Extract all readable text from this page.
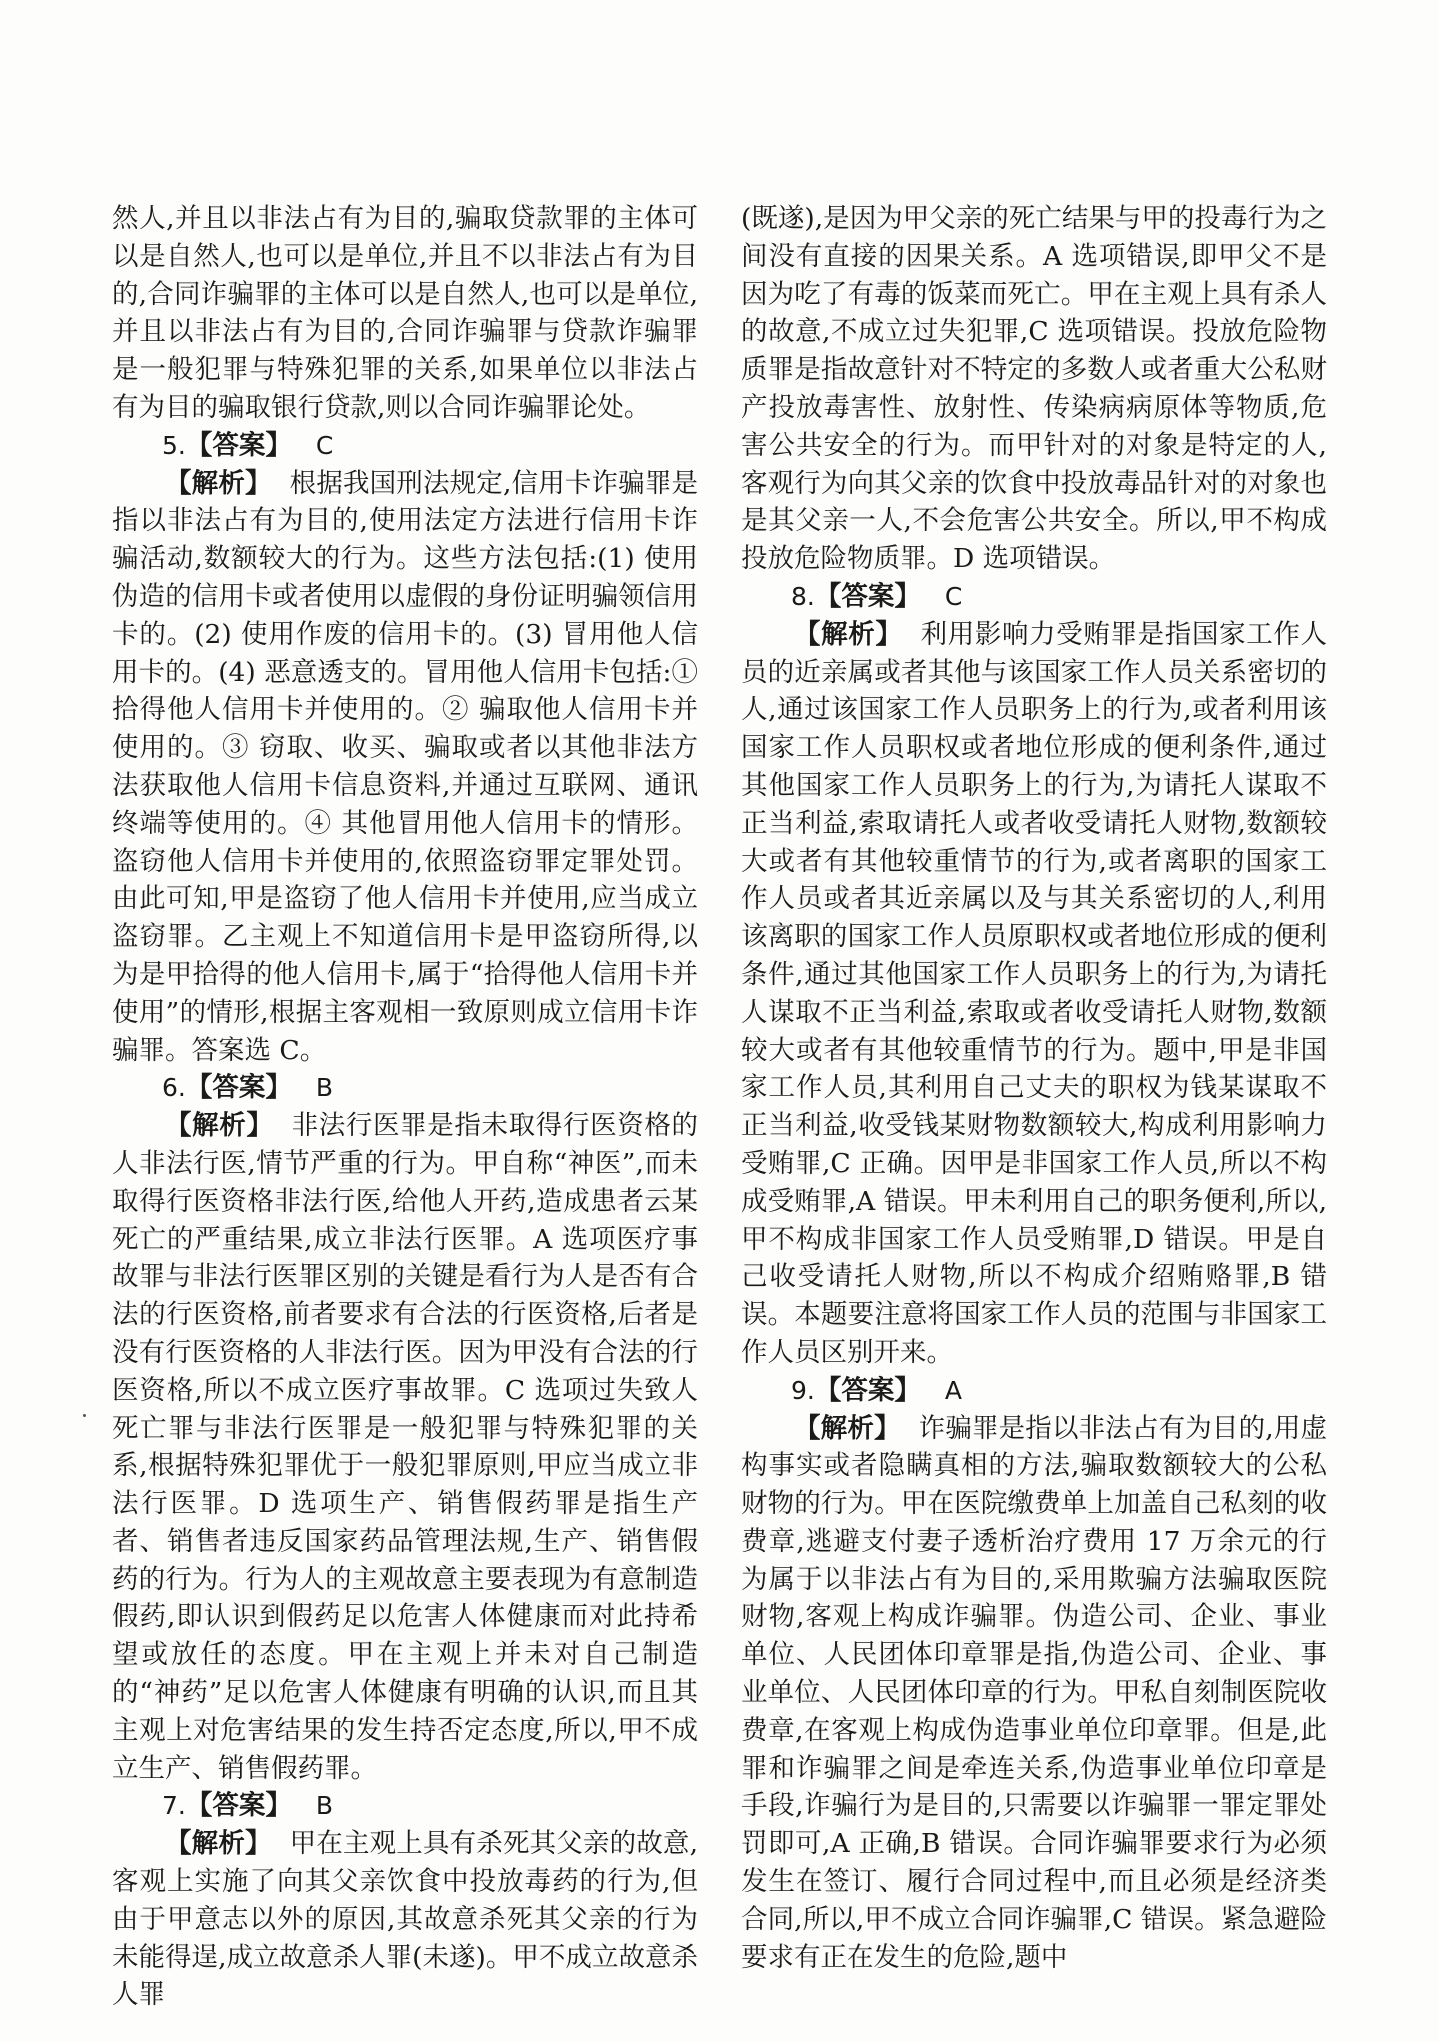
然人,并且以非法占有为目的,骗取贷款罪的主体可以是自然人,也可以是单位,并且不以非法占有为目的,合同诈骗罪的主体可以是自然人,也可以是单位,并且以非法占有为目的,合同诈骗罪与贷款诈骗罪是一般犯罪与特殊犯罪的关系,如果单位以非法占有为目的骗取银行贷款,则以合同诈骗罪论处。

5.【答案】 C

【解析】 根据我国刑法规定,信用卡诈骗罪是指以非法占有为目的,使用法定方法进行信用卡诈骗活动,数额较大的行为。这些方法包括:(1) 使用伪造的信用卡或者使用以虚假的身份证明骗领信用卡的。(2) 使用作废的信用卡的。(3) 冒用他人信用卡的。(4) 恶意透支的。冒用他人信用卡包括:① 拾得他人信用卡并使用的。② 骗取他人信用卡并使用的。③ 窃取、收买、骗取或者以其他非法方法获取他人信用卡信息资料,并通过互联网、通讯终端等使用的。④ 其他冒用他人信用卡的情形。盗窃他人信用卡并使用的,依照盗窃罪定罪处罚。由此可知,甲是盗窃了他人信用卡并使用,应当成立盗窃罪。乙主观上不知道信用卡是甲盗窃所得,以为是甲拾得的他人信用卡,属于“拾得他人信用卡并使用”的情形,根据主客观相一致原则成立信用卡诈骗罪。答案选 C。

6.【答案】 B

【解析】 非法行医罪是指未取得行医资格的人非法行医,情节严重的行为。甲自称“神医”,而未取得行医资格非法行医,给他人开药,造成患者云某死亡的严重结果,成立非法行医罪。A 选项医疗事故罪与非法行医罪区别的关键是看行为人是否有合法的行医资格,前者要求有合法的行医资格,后者是没有行医资格的人非法行医。因为甲没有合法的行医资格,所以不成立医疗事故罪。C 选项过失致人死亡罪与非法行医罪是一般犯罪与特殊犯罪的关系,根据特殊犯罪优于一般犯罪原则,甲应当成立非法行医罪。D 选项生产、销售假药罪是指生产者、销售者违反国家药品管理法规,生产、销售假药的行为。行为人的主观故意主要表现为有意制造假药,即认识到假药足以危害人体健康而对此持希望或放任的态度。甲在主观上并未对自己制造的“神药”足以危害人体健康有明确的认识,而且其主观上对危害结果的发生持否定态度,所以,甲不成立生产、销售假药罪。

7.【答案】 B

【解析】 甲在主观上具有杀死其父亲的故意,客观上实施了向其父亲饮食中投放毒药的行为,但由于甲意志以外的原因,其故意杀死其父亲的行为未能得逞,成立故意杀人罪(未遂)。甲不成立故意杀人罪

(既遂),是因为甲父亲的死亡结果与甲的投毒行为之间没有直接的因果关系。A 选项错误,即甲父不是因为吃了有毒的饭菜而死亡。甲在主观上具有杀人的故意,不成立过失犯罪,C 选项错误。投放危险物质罪是指故意针对不特定的多数人或者重大公私财产投放毒害性、放射性、传染病病原体等物质,危害公共安全的行为。而甲针对的对象是特定的人,客观行为向其父亲的饮食中投放毒品针对的对象也是其父亲一人,不会危害公共安全。所以,甲不构成投放危险物质罪。D 选项错误。

8.【答案】 C

【解析】 利用影响力受贿罪是指国家工作人员的近亲属或者其他与该国家工作人员关系密切的人,通过该国家工作人员职务上的行为,或者利用该国家工作人员职权或者地位形成的便利条件,通过其他国家工作人员职务上的行为,为请托人谋取不正当利益,索取请托人或者收受请托人财物,数额较大或者有其他较重情节的行为,或者离职的国家工作人员或者其近亲属以及与其关系密切的人,利用该离职的国家工作人员原职权或者地位形成的便利条件,通过其他国家工作人员职务上的行为,为请托人谋取不正当利益,索取或者收受请托人财物,数额较大或者有其他较重情节的行为。题中,甲是非国家工作人员,其利用自己丈夫的职权为钱某谋取不正当利益,收受钱某财物数额较大,构成利用影响力受贿罪,C 正确。因甲是非国家工作人员,所以不构成受贿罪,A 错误。甲未利用自己的职务便利,所以,甲不构成非国家工作人员受贿罪,D 错误。甲是自己收受请托人财物,所以不构成介绍贿赂罪,B 错误。本题要注意将国家工作人员的范围与非国家工作人员区别开来。

9.【答案】 A

【解析】 诈骗罪是指以非法占有为目的,用虚构事实或者隐瞒真相的方法,骗取数额较大的公私财物的行为。甲在医院缴费单上加盖自己私刻的收费章,逃避支付妻子透析治疗费用 17 万余元的行为属于以非法占有为目的,采用欺骗方法骗取医院财物,客观上构成诈骗罪。伪造公司、企业、事业单位、人民团体印章罪是指,伪造公司、企业、事业单位、人民团体印章的行为。甲私自刻制医院收费章,在客观上构成伪造事业单位印章罪。但是,此罪和诈骗罪之间是牵连关系,伪造事业单位印章是手段,诈骗行为是目的,只需要以诈骗罪一罪定罪处罚即可,A 正确,B 错误。合同诈骗罪要求行为必须发生在签订、履行合同过程中,而且必须是经济类合同,所以,甲不成立合同诈骗罪,C 错误。紧急避险要求有正在发生的危险,题中
